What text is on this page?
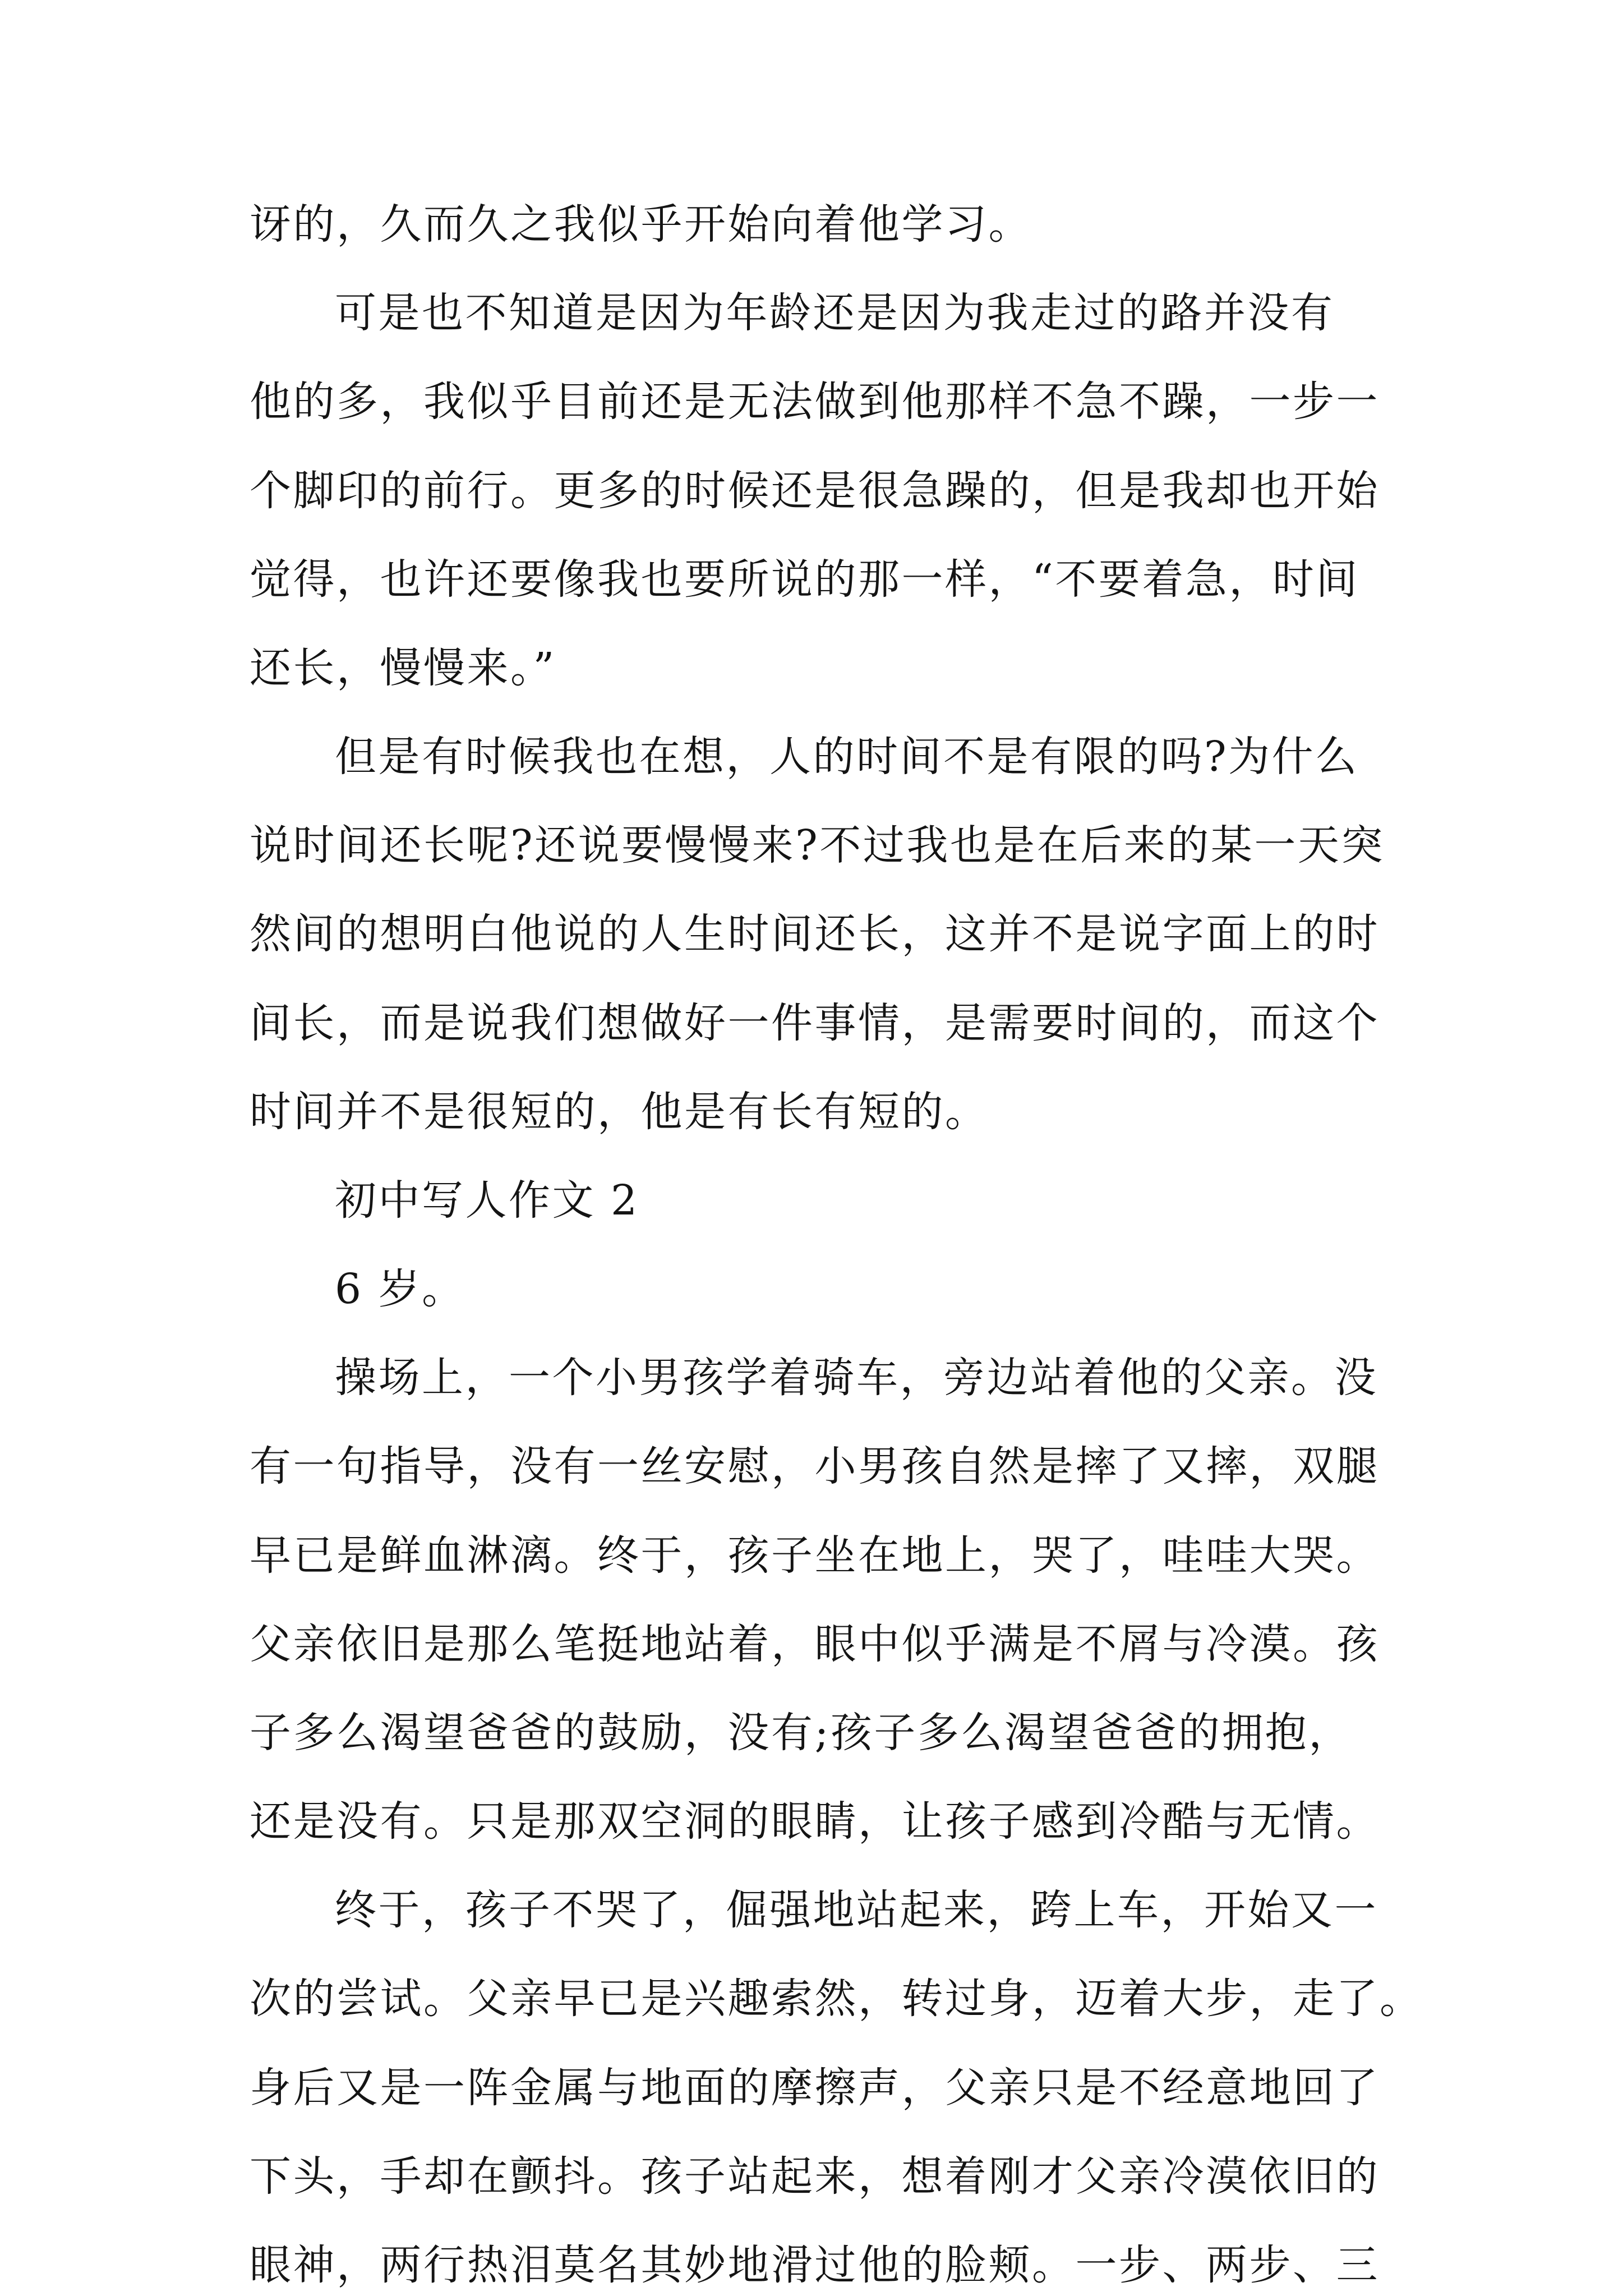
讶的，久而久之我似乎开始向着他学习。
可是也不知道是因为年龄还是因为我走过的路并没有
他的多，我似乎目前还是无法做到他那样不急不躁，一步一
个脚印的前行。更多的时候还是很急躁的，但是我却也开始
觉得，也许还要像我也要所说的那一样，“不要着急，时间
还长，慢慢来。”
但是有时候我也在想，人的时间不是有限的吗?为什么
说时间还长呢?还说要慢慢来?不过我也是在后来的某一天突
然间的想明白他说的人生时间还长，这并不是说字面上的时
间长，而是说我们想做好一件事情，是需要时间的，而这个
时间并不是很短的，他是有长有短的。
初中写人作文 2
6 岁。
操场上，一个小男孩学着骑车，旁边站着他的父亲。没
有一句指导，没有一丝安慰，小男孩自然是摔了又摔，双腿
早已是鲜血淋漓。终于，孩子坐在地上，哭了，哇哇大哭。
父亲依旧是那么笔挺地站着，眼中似乎满是不屑与冷漠。孩
子多么渴望爸爸的鼓励，没有;孩子多么渴望爸爸的拥抱，
还是没有。只是那双空洞的眼睛，让孩子感到冷酷与无情。
终于，孩子不哭了，倔强地站起来，跨上车，开始又一
次的尝试。父亲早已是兴趣索然，转过身，迈着大步，走了。
身后又是一阵金属与地面的摩擦声，父亲只是不经意地回了
下头，手却在颤抖。孩子站起来，想着刚才父亲冷漠依旧的
眼神，两行热泪莫名其妙地滑过他的脸颊。一步、两步、三
